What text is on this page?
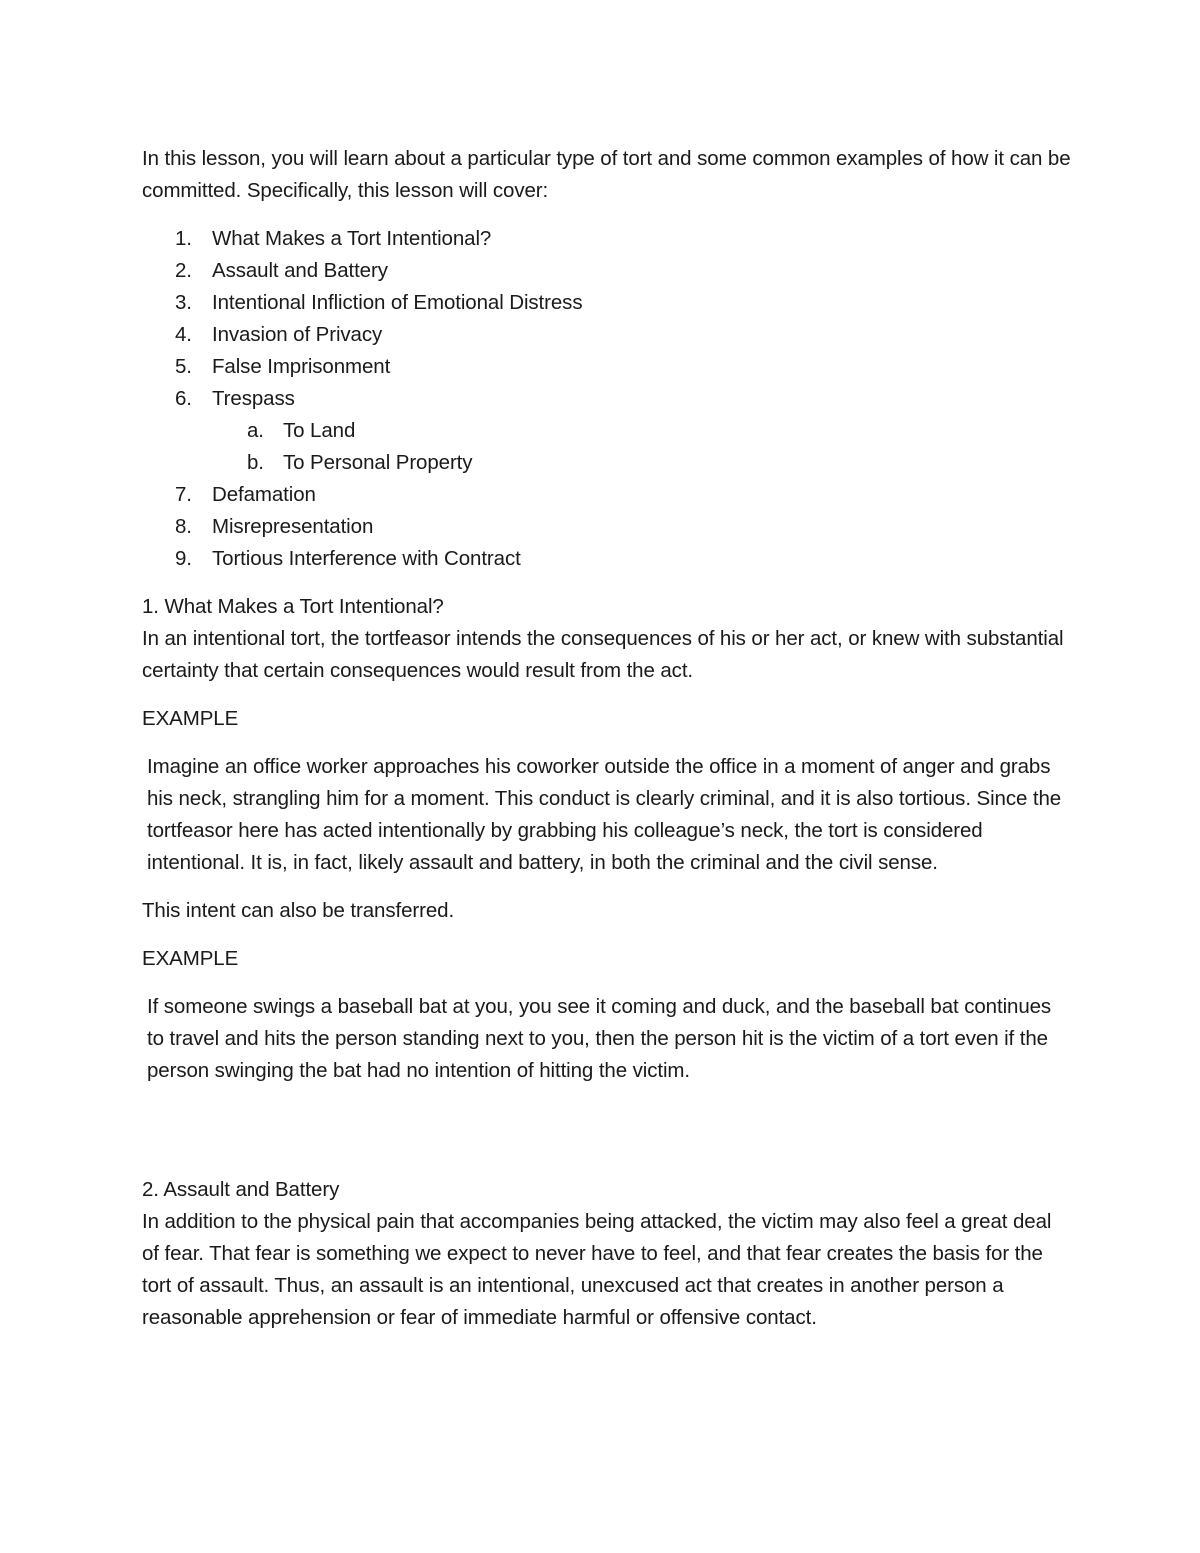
In this lesson, you will learn about a particular type of tort and some common examples of how it can be committed. Specifically, this lesson will cover:

1. What Makes a Tort Intentional?
2. Assault and Battery
3. Intentional Infliction of Emotional Distress
4. Invasion of Privacy
5. False Imprisonment
6. Trespass
a. To Land
b. To Personal Property
7. Defamation
8. Misrepresentation
9. Tortious Interference with Contract

1. What Makes a Tort Intentional?

In an intentional tort, the tortfeasor intends the consequences of his or her act, or knew with substantial certainty that certain consequences would result from the act.

EXAMPLE

Imagine an office worker approaches his coworker outside the office in a moment of anger and grabs his neck, strangling him for a moment. This conduct is clearly criminal, and it is also tortious. Since the tortfeasor here has acted intentionally by grabbing his colleague’s neck, the tort is considered intentional. It is, in fact, likely assault and battery, in both the criminal and the civil sense.

This intent can also be transferred.

EXAMPLE

If someone swings a baseball bat at you, you see it coming and duck, and the baseball bat continues to travel and hits the person standing next to you, then the person hit is the victim of a tort even if the person swinging the bat had no intention of hitting the victim.

2. Assault and Battery

In addition to the physical pain that accompanies being attacked, the victim may also feel a great deal of fear. That fear is something we expect to never have to feel, and that fear creates the basis for the tort of assault. Thus, an assault is an intentional, unexcused act that creates in another person a reasonable apprehension or fear of immediate harmful or offensive contact.
